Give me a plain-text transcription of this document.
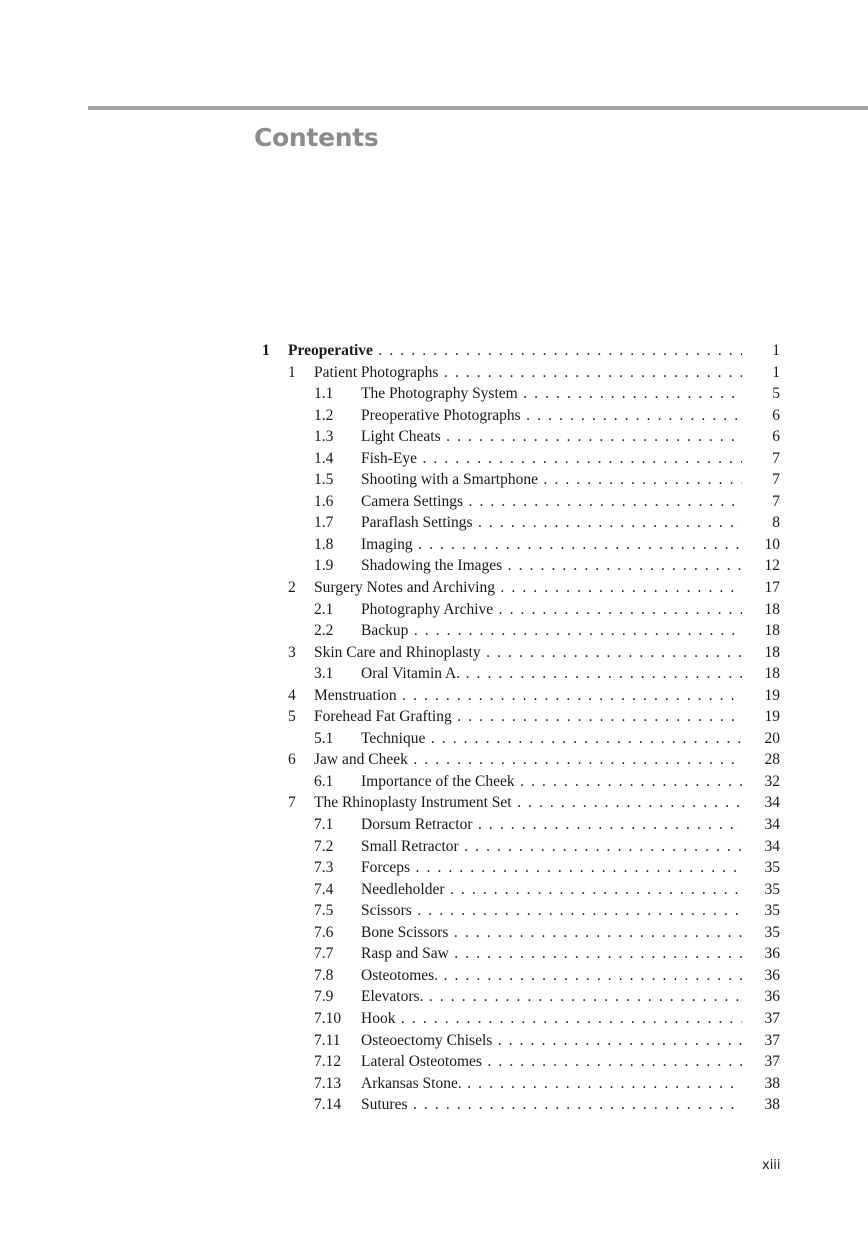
Contents
1 Preoperative . . .	1
1 Patient Photographs . . .	1
1.1 The Photography System . . .	5
1.2 Preoperative Photographs . . .	6
1.3 Light Cheats . . .	6
1.4 Fish-Eye . . .	7
1.5 Shooting with a Smartphone . . .	7
1.6 Camera Settings . . .	7
1.7 Paraflash Settings . . .	8
1.8 Imaging . . .	10
1.9 Shadowing the Images . . .	12
2 Surgery Notes and Archiving . . .	17
2.1 Photography Archive . . .	18
2.2 Backup . . .	18
3 Skin Care and Rhinoplasty . . .	18
3.1 Oral Vitamin A. . . .	18
4 Menstruation . . .	19
5 Forehead Fat Grafting . . .	19
5.1 Technique . . .	20
6 Jaw and Cheek . . .	28
6.1 Importance of the Cheek . . .	32
7 The Rhinoplasty Instrument Set . . .	34
7.1 Dorsum Retractor . . .	34
7.2 Small Retractor . . .	34
7.3 Forceps . . .	35
7.4 Needleholder . . .	35
7.5 Scissors . . .	35
7.6 Bone Scissors . . .	35
7.7 Rasp and Saw . . .	36
7.8 Osteotomes. . . .	36
7.9 Elevators. . . .	36
7.10 Hook . . .	37
7.11 Osteoectomy Chisels . . .	37
7.12 Lateral Osteotomes . . .	37
7.13 Arkansas Stone. . . .	38
7.14 Sutures . . .	38
xiii
